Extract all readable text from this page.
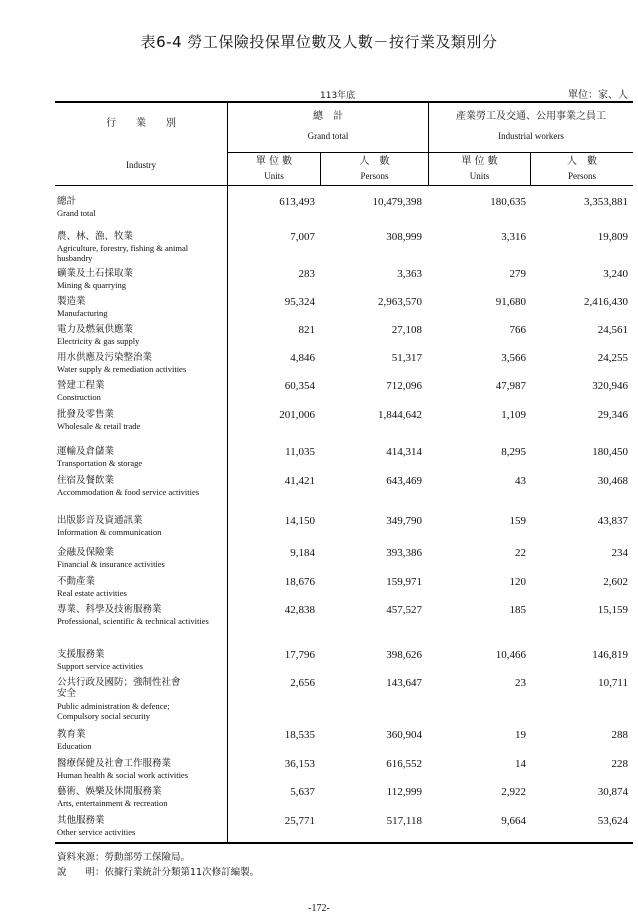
表6-4 勞工保險投保單位數及人數－按行業及類別分
113年底	單位：家、人
行　　業　　別
Industry
總　計
Grand total
產業勞工及交通、公用事業之員工
Industrial workers
單 位 數
Units
人　數
Persons
單 位 數
Units
人　數
Persons
總計
Grand total
613,493	10,479,398	180,635	3,353,881
農、林、漁、牧業
Agriculture, forestry, fishing & animal husbandry
7,007	308,999	3,316	19,809
礦業及土石採取業
Mining & quarrying
283	3,363	279	3,240
製造業
Manufacturing
95,324	2,963,570	91,680	2,416,430
電力及燃氣供應業
Electricity & gas supply
821	27,108	766	24,561
用水供應及污染整治業
Water supply & remediation activities
4,846	51,317	3,566	24,255
營建工程業
Construction
60,354	712,096	47,987	320,946
批發及零售業
Wholesale & retail trade
201,006	1,844,642	1,109	29,346
運輸及倉儲業
Transportation & storage
11,035	414,314	8,295	180,450
住宿及餐飲業
Accommodation & food service activities
41,421	643,469	43	30,468
出版影音及資通訊業
Information & communication
14,150	349,790	159	43,837
金融及保險業
Financial & insurance activities
9,184	393,386	22	234
不動產業
Real estate activities
18,676	159,971	120	2,602
專業、科學及技術服務業
Professional, scientific & technical activities
42,838	457,527	185	15,159
支援服務業
Support service activities
17,796	398,626	10,466	146,819
公共行政及國防；強制性社會安全
Public administration & defence; Compulsory social security
2,656	143,647	23	10,711
教育業
Education
18,535	360,904	19	288
醫療保健及社會工作服務業
Human health & social work activities
36,153	616,552	14	228
藝術、娛樂及休閒服務業
Arts, entertainment & recreation
5,637	112,999	2,922	30,874
其他服務業
Other service activities
25,771	517,118	9,664	53,624
資料來源：勞動部勞工保險局。
說　　明：依據行業統計分類第11次修訂編製。
-172-
